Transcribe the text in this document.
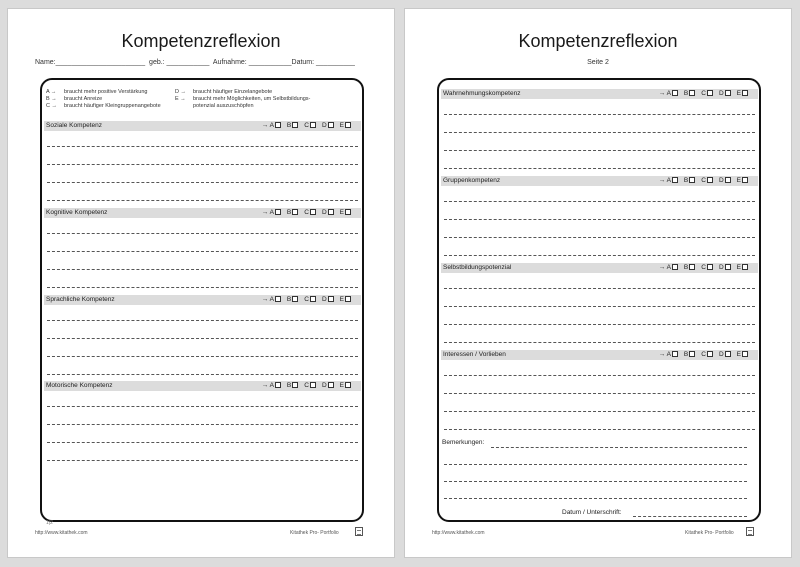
Kompetenzreflexion
Name:_______________________  geb.: ___________  Aufnahme: ___________Datum: __________
A → braucht mehr positive Verstärkung
B → braucht Anreize
C → braucht häufiger Kleingruppenangebote
D → braucht häufiger Einzelangebote
E → braucht mehr Möglichkeiten, um Selbstbildungs-
potenzial auszuschöpfen
Soziale Kompetenz	→ A B C D E
Kognitive Kompetenz	→ A B C D E
Sprachliche Kompetenz	→ A B C D E
Motorische Kompetenz	→ A B C D E
1|2
http://www.kitathek.com	Kitathek Pro- Portfolio
Kompetenzreflexion
Seite 2
Wahrnehmungskompetenz	→ A B C D E
Gruppenkompetenz	→ A B C D E
Selbstbildungspotenzial	→ A B C D E
Interessen / Vorlieben	→ A B C D E
Bemerkungen:
Datum / Unterschrift:
http://www.kitathek.com	Kitathek Pro- Portfolio
